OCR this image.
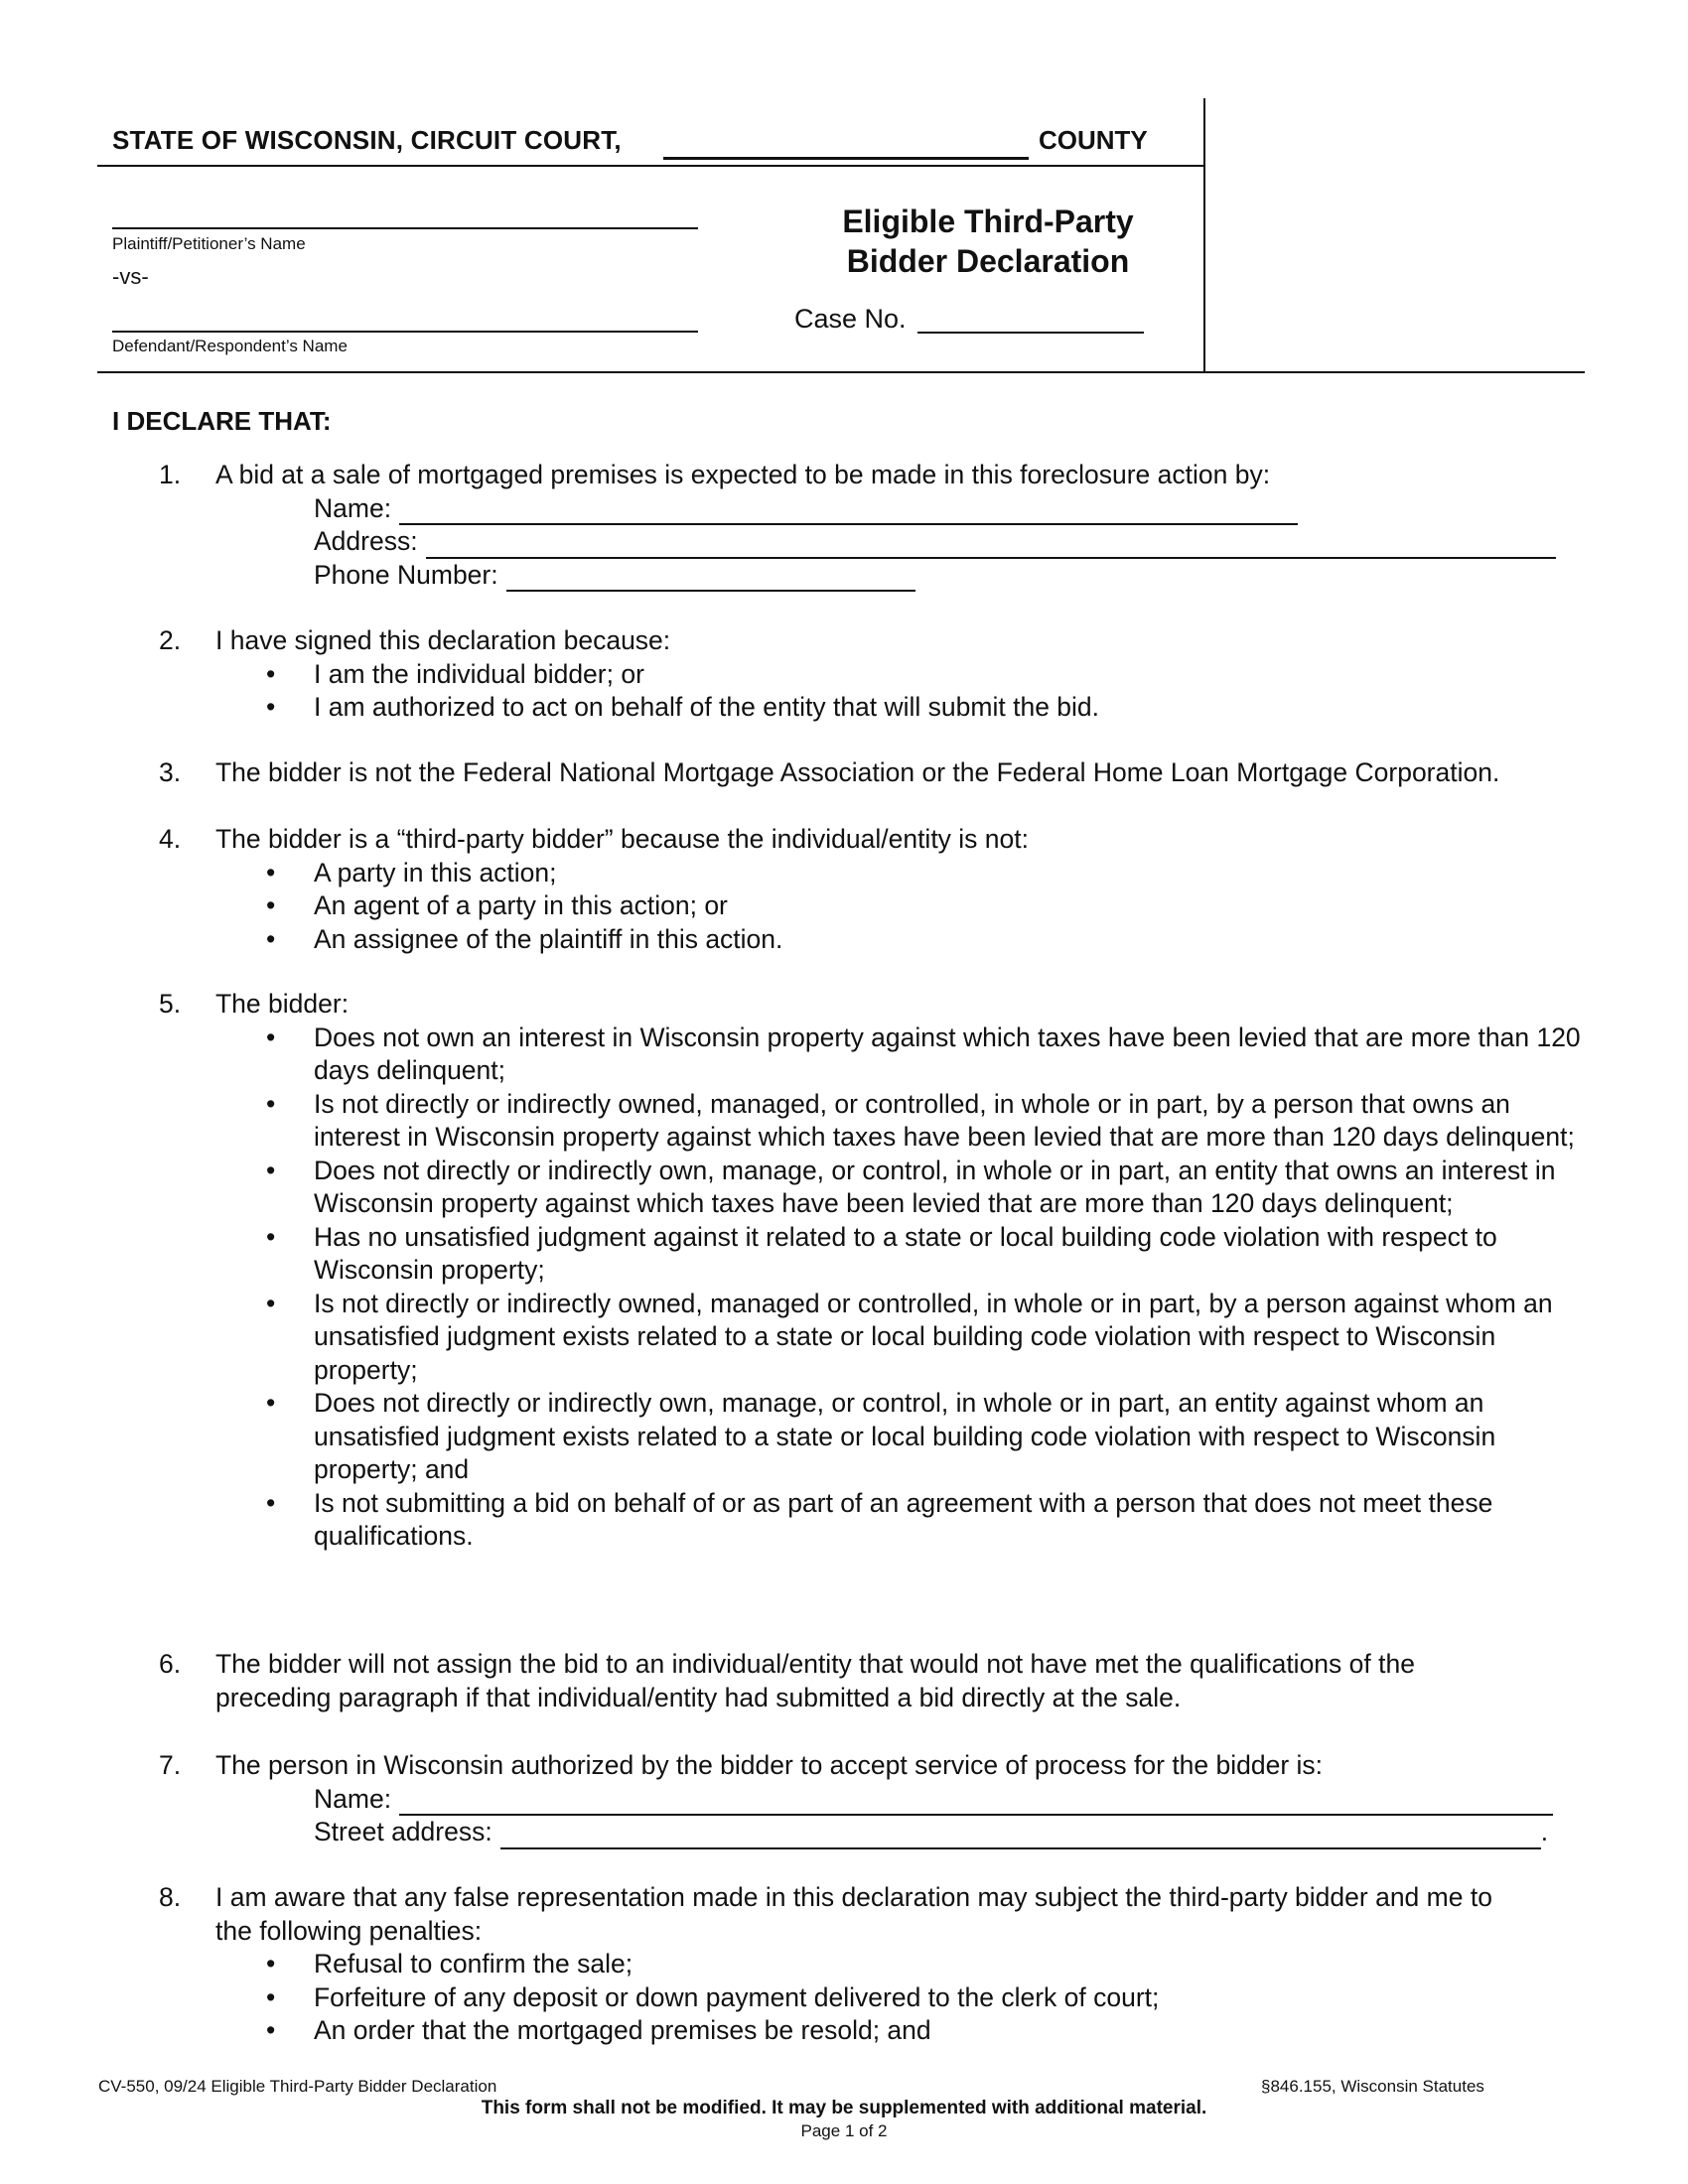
STATE OF WISCONSIN, CIRCUIT COURT,	COUNTY
Plaintiff/Petitioner’s Name
-vs-
Defendant/Respondent’s Name
Eligible Third-Party
Bidder Declaration
Case No.
I DECLARE THAT:
1. A bid at a sale of mortgaged premises is expected to be made in this foreclosure action by:
Name:
Address:
Phone Number:
2. I have signed this declaration because:
• I am the individual bidder; or
• I am authorized to act on behalf of the entity that will submit the bid.
3. The bidder is not the Federal National Mortgage Association or the Federal Home Loan Mortgage Corporation.
4. The bidder is a “third-party bidder” because the individual/entity is not:
• A party in this action;
• An agent of a party in this action; or
• An assignee of the plaintiff in this action.
5. The bidder:
• Does not own an interest in Wisconsin property against which taxes have been levied that are more than 120 days delinquent;
• Is not directly or indirectly owned, managed, or controlled, in whole or in part, by a person that owns an interest in Wisconsin property against which taxes have been levied that are more than 120 days delinquent;
• Does not directly or indirectly own, manage, or control, in whole or in part, an entity that owns an interest in Wisconsin property against which taxes have been levied that are more than 120 days delinquent;
• Has no unsatisfied judgment against it related to a state or local building code violation with respect to Wisconsin property;
• Is not directly or indirectly owned, managed or controlled, in whole or in part, by a person against whom an unsatisfied judgment exists related to a state or local building code violation with respect to Wisconsin property;
• Does not directly or indirectly own, manage, or control, in whole or in part, an entity against whom an unsatisfied judgment exists related to a state or local building code violation with respect to Wisconsin property; and
• Is not submitting a bid on behalf of or as part of an agreement with a person that does not meet these qualifications.
6. The bidder will not assign the bid to an individual/entity that would not have met the qualifications of the preceding paragraph if that individual/entity had submitted a bid directly at the sale.
7. The person in Wisconsin authorized by the bidder to accept service of process for the bidder is:
Name:
Street address:	.
8. I am aware that any false representation made in this declaration may subject the third-party bidder and me to the following penalties:
• Refusal to confirm the sale;
• Forfeiture of any deposit or down payment delivered to the clerk of court;
• An order that the mortgaged premises be resold; and
CV-550, 09/24 Eligible Third-Party Bidder Declaration	§846.155, Wisconsin Statutes
This form shall not be modified. It may be supplemented with additional material.
Page 1 of 2
